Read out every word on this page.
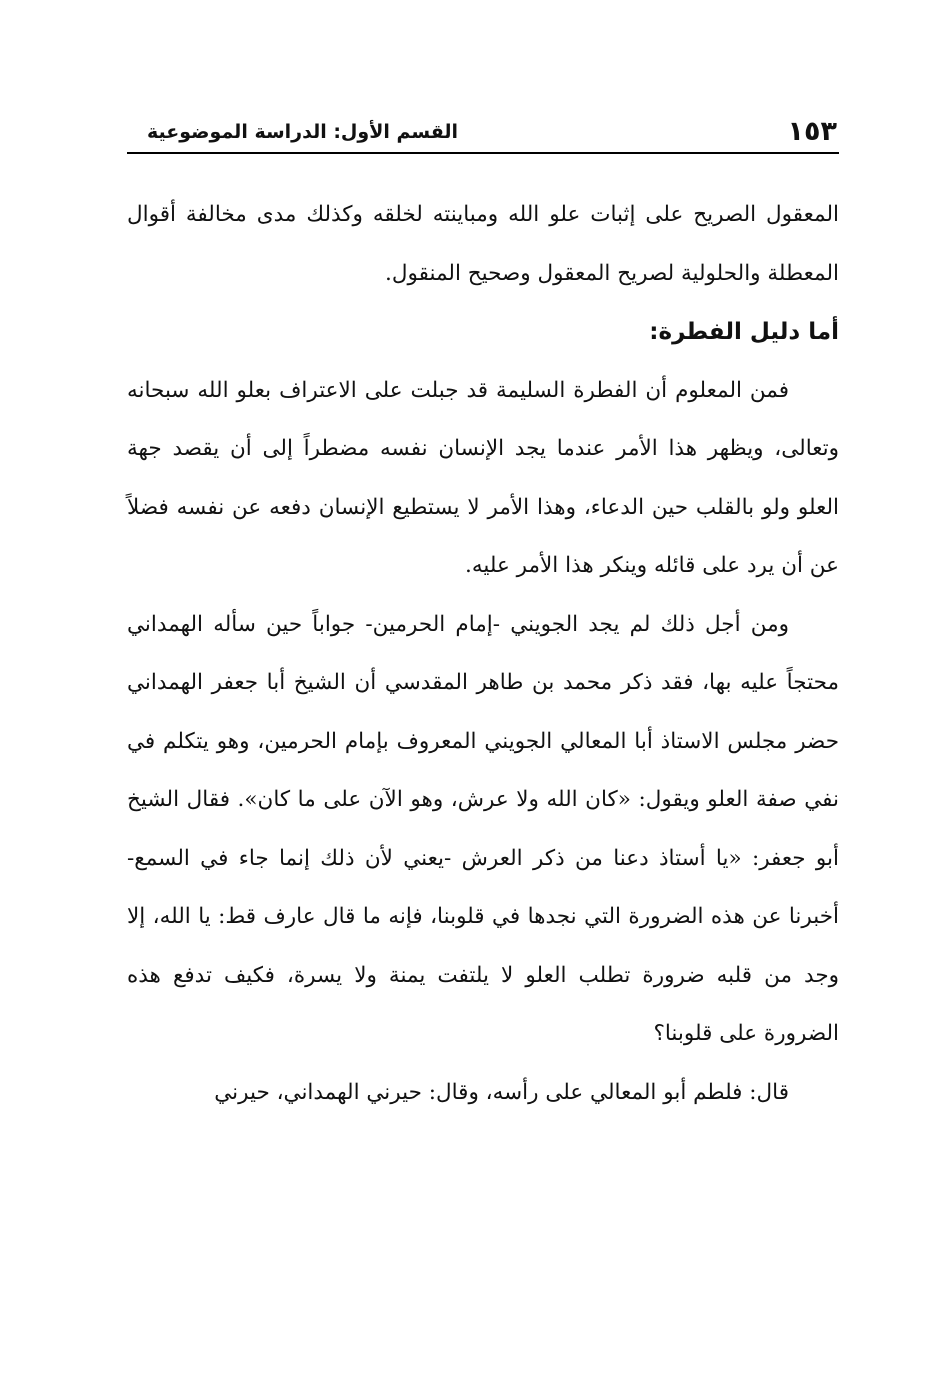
١٥٣
القسم الأول: الدراسة الموضوعية

المعقول الصريح على إثبات علو الله ومباينته لخلقه وكذلك مدى مخالفة أقوال المعطلة والحلولية لصريح المعقول وصحيح المنقول.

أما دليل الفطرة:

فمن المعلوم أن الفطرة السليمة قد جبلت على الاعتراف بعلو الله سبحانه وتعالى، ويظهر هذا الأمر عندما يجد الإنسان نفسه مضطراً إلى أن يقصد جهة العلو ولو بالقلب حين الدعاء، وهذا الأمر لا يستطيع الإنسان دفعه عن نفسه فضلاً عن أن يرد على قائله وينكر هذا الأمر عليه.

ومن أجل ذلك لم يجد الجويني -إمام الحرمين- جواباً حين سأله الهمداني محتجاً عليه بها، فقد ذكر محمد بن طاهر المقدسي أن الشيخ أبا جعفر الهمداني حضر مجلس الاستاذ أبا المعالي الجويني المعروف بإمام الحرمين، وهو يتكلم في نفي صفة العلو ويقول: «كان الله ولا عرش، وهو الآن على ما كان». فقال الشيخ أبو جعفر: «يا أستاذ دعنا من ذكر العرش -يعني لأن ذلك إنما جاء في السمع- أخبرنا عن هذه الضرورة التي نجدها في قلوبنا، فإنه ما قال عارف قط: يا الله، إلا وجد من قلبه ضرورة تطلب العلو لا يلتفت يمنة ولا يسرة، فكيف تدفع هذه الضرورة على قلوبنا؟

قال: فلطم أبو المعالي على رأسه، وقال: حيرني الهمداني، حيرني
